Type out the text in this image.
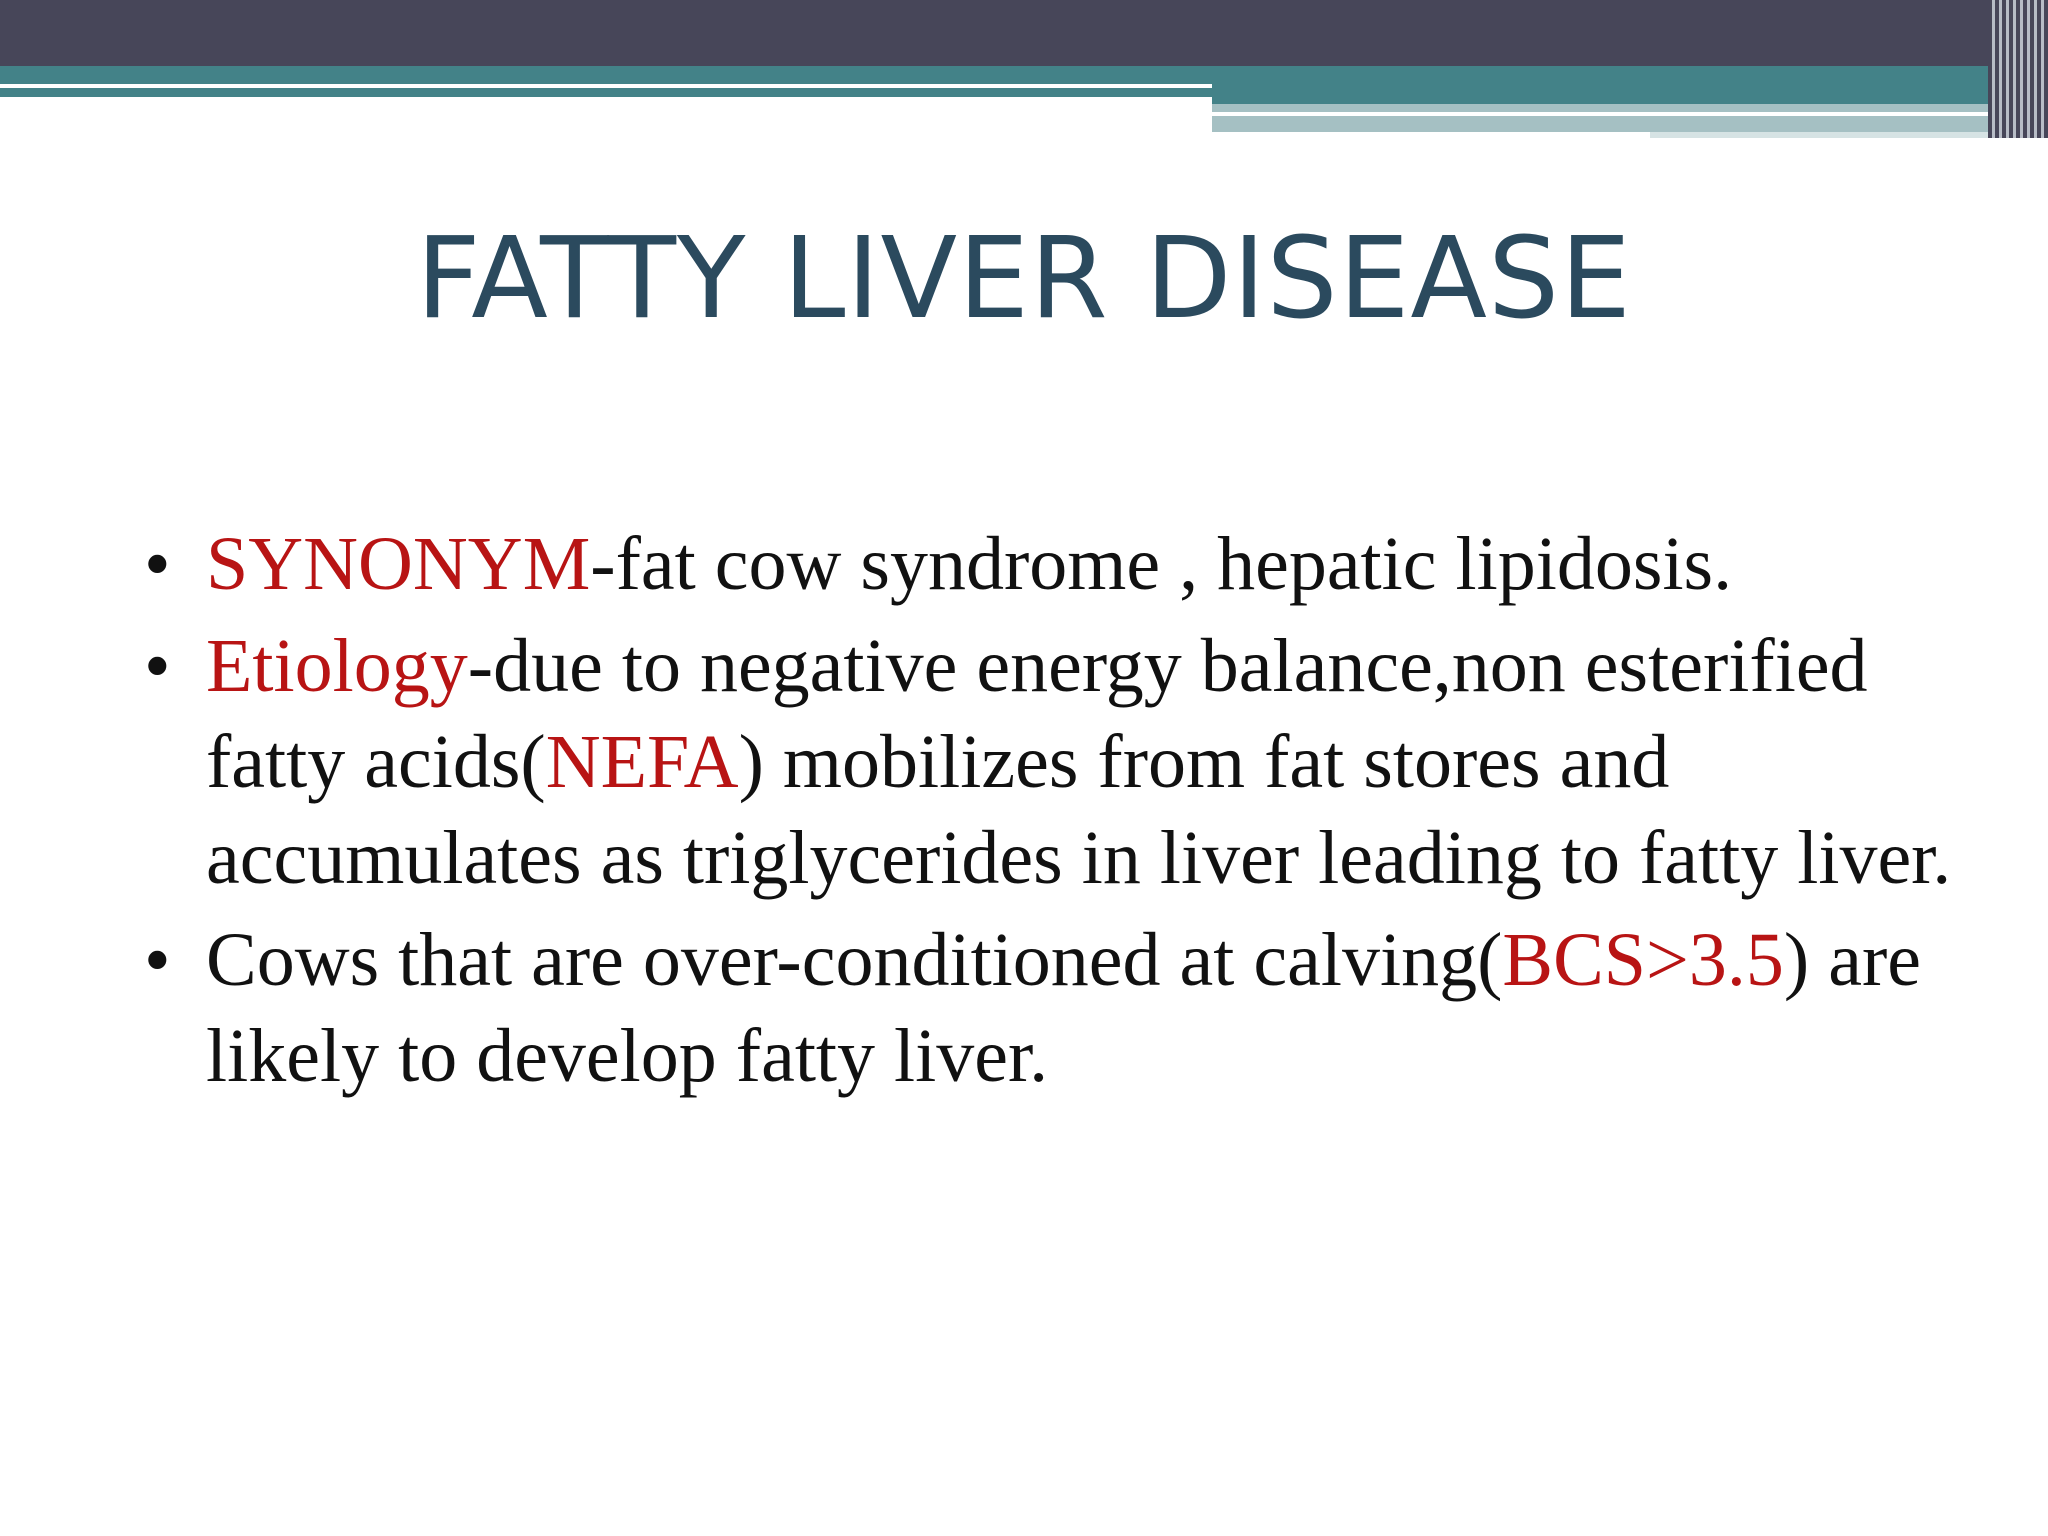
FATTY LIVER DISEASE
• SYNONYM-fat cow syndrome , hepatic lipidosis.
• Etiology-due to negative energy balance,non esterified fatty acids(NEFA) mobilizes from fat stores and accumulates as triglycerides in liver leading to fatty liver.
• Cows that are over-conditioned at calving(BCS>3.5) are likely to develop fatty liver.
